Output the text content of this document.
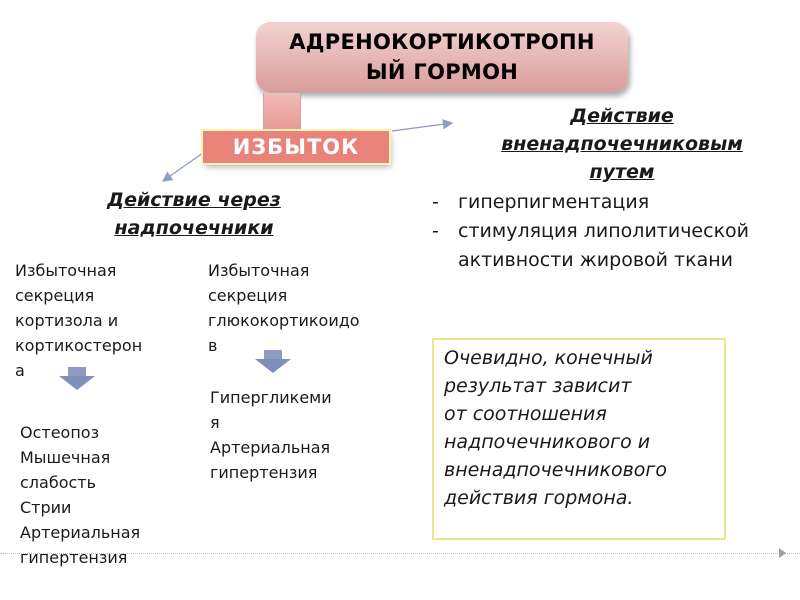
АДРЕНОКОРТИКОТРОПН
ЫЙ ГОРМОН
ИЗБЫТОК
Действие через
надпочечники
Действие
вненадпочечниковым
путем
- гиперпигментация
- стимуляция липолитической
активности жировой ткани
Избыточная
секреция
кортизола и
кортикостерон
а
Избыточная
секреция
глюкокортикоидо
в
Остеопоз
Мышечная
слабость
Стрии
Артериальная
гипертензия
Гипергликеми
я
Артериальная
гипертензия
Очевидно, конечный
результат зависит
от соотношения
надпочечникового и
вненадпочечникового
действия гормона.
